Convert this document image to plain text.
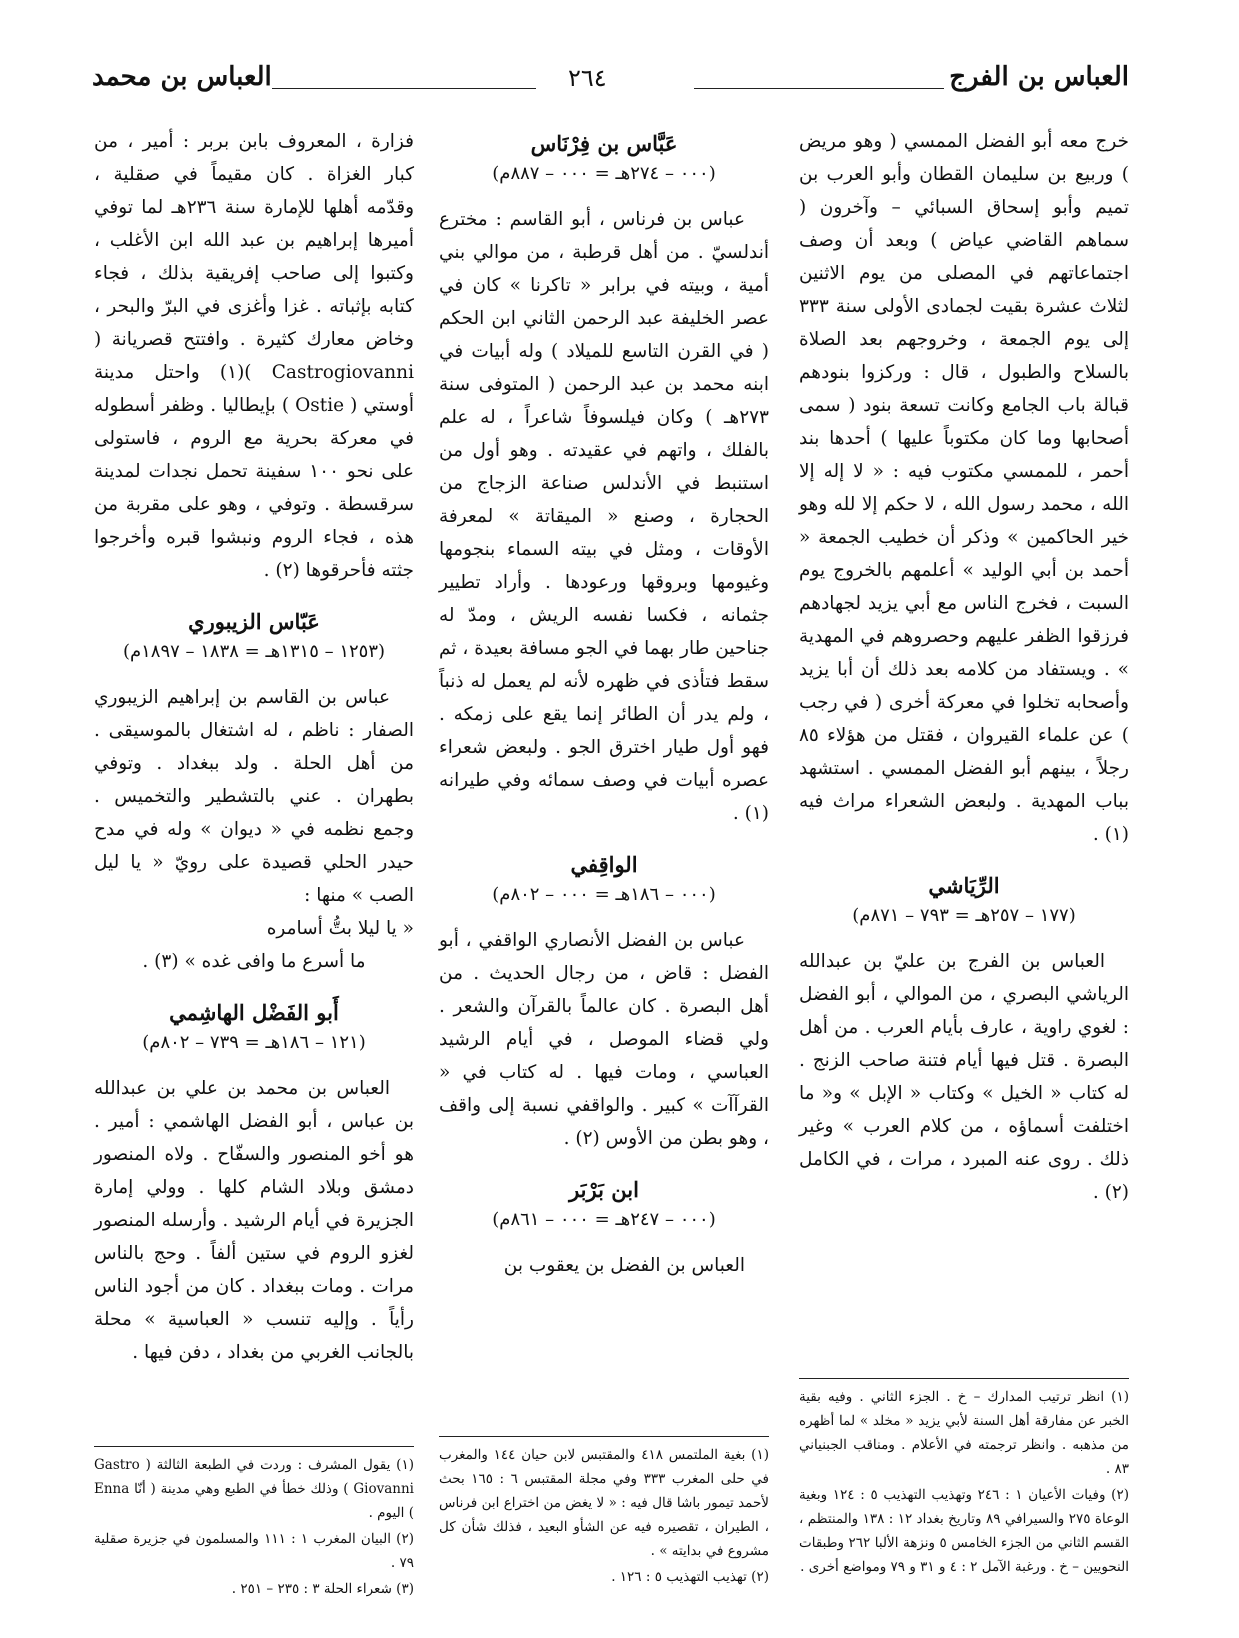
العباس بن الفرج
٢٦٤
العباس بن محمد

خرج معه أبو الفضل الممسي ( وهو مريض ) وربيع بن سليمان القطان وأبو العرب بن تميم وأبو إسحاق السبائي – وآخرون ( سماهم القاضي عياض ) وبعد أن وصف اجتماعاتهم في المصلى من يوم الاثنين لثلاث عشرة بقيت لجمادى الأولى سنة ٣٣٣ إلى يوم الجمعة ، وخروجهم بعد الصلاة بالسلاح والطبول ، قال : وركزوا بنودهم قبالة باب الجامع وكانت تسعة بنود ( سمى أصحابها وما كان مكتوباً عليها ) أحدها بند أحمر ، للممسي مكتوب فيه : « لا إله إلا الله ، محمد رسول الله ، لا حكم إلا لله وهو خير الحاكمين » وذكر أن خطيب الجمعة « أحمد بن أبي الوليد » أعلمهم بالخروج يوم السبت ، فخرج الناس مع أبي يزيد لجهادهم فرزقوا الظفر عليهم وحصروهم في المهدية » . ويستفاد من كلامه بعد ذلك أن أبا يزيد وأصحابه تخلوا في معركة أخرى ( في رجب ) عن علماء القيروان ، فقتل من هؤلاء ٨٥ رجلاً ، بينهم أبو الفضل الممسي . استشهد بباب المهدية . ولبعض الشعراء مراث فيه (١) .

الرِّيَاشي
(١٧٧ – ٢٥٧هـ = ٧٩٣ – ٨٧١م)

العباس بن الفرج بن عليّ بن عبدالله الرياشي البصري ، من الموالي ، أبو الفضل : لغوي راوية ، عارف بأيام العرب . من أهل البصرة . قتل فيها أيام فتنة صاحب الزنج . له كتاب « الخيل » وكتاب « الإبل » و« ما اختلفت أسماؤه ، من كلام العرب » وغير ذلك . روى عنه المبرد ، مرات ، في الكامل (٢) .

(١) انظر ترتيب المدارك – خ . الجزء الثاني . وفيه بقية الخبر عن مفارقة أهل السنة لأبي يزيد « مخلد » لما أظهره من مذهبه . وانظر ترجمته في الأعلام . ومناقب الجبنياني ٨٣ .

(٢) وفيات الأعيان ١ : ٢٤٦ وتهذيب التهذيب ٥ : ١٢٤ وبغية الوعاة ٢٧٥ والسيرافي ٨٩ وتاريخ بغداد ١٢ : ١٣٨ والمنتظم ، القسم الثاني من الجزء الخامس ٥ ونزهة الألبا ٢٦٢ وطبقات النحويين – خ . ورغبة الآمل ٢ : ٤ و ٣١ و ٧٩ ومواضع أخرى .

عَبَّاس بن فِرْنَاس
(٠٠٠ – ٢٧٤هـ = ٠٠٠ – ٨٨٧م)

عباس بن فرناس ، أبو القاسم : مخترع أندلسيّ . من أهل قرطبة ، من موالي بني أمية ، وبيته في برابر « تاكرنا » كان في عصر الخليفة عبد الرحمن الثاني ابن الحكم ( في القرن التاسع للميلاد ) وله أبيات في ابنه محمد بن عبد الرحمن ( المتوفى سنة ٢٧٣هـ ) وكان فيلسوفاً شاعراً ، له علم بالفلك ، واتهم في عقيدته . وهو أول من استنبط في الأندلس صناعة الزجاج من الحجارة ، وصنع « الميقاتة » لمعرفة الأوقات ، ومثل في بيته السماء بنجومها وغيومها وبروقها ورعودها . وأراد تطيير جثمانه ، فكسا نفسه الريش ، ومدّ له جناحين طار بهما في الجو مسافة بعيدة ، ثم سقط فتأذى في ظهره لأنه لم يعمل له ذنباً ، ولم يدر أن الطائر إنما يقع على زمكه . فهو أول طيار اخترق الجو . ولبعض شعراء عصره أبيات في وصف سمائه وفي طيرانه (١) .

الواقِفي
(٠٠٠ – ١٨٦هـ = ٠٠٠ – ٨٠٢م)

عباس بن الفضل الأنصاري الواقفي ، أبو الفضل : قاض ، من رجال الحديث . من أهل البصرة . كان عالماً بالقرآن والشعر . ولي قضاء الموصل ، في أيام الرشيد العباسي ، ومات فيها . له كتاب في « القرآآت » كبير . والواقفي نسبة إلى واقف ، وهو بطن من الأوس (٢) .

ابن بَرْبَر
(٠٠٠ – ٢٤٧هـ = ٠٠٠ – ٨٦١م)

العباس بن الفضل بن يعقوب بن

(١) بغية الملتمس ٤١٨ والمقتبس لابن حيان ١٤٤ والمغرب في حلى المغرب ٣٣٣ وفي مجلة المقتبس ٦ : ١٦٥ بحث لأحمد تيمور باشا قال فيه : « لا يغض من اختراع ابن فرناس ، الطيران ، تقصيره فيه عن الشأو البعيد ، فذلك شأن كل مشروع في بدايته » .

(٢) تهذيب التهذيب ٥ : ١٢٦ .

فزارة ، المعروف بابن بربر : أمير ، من كبار الغزاة . كان مقيماً في صقلية ، وقدّمه أهلها للإمارة سنة ٢٣٦هـ لما توفي أميرها إبراهيم بن عبد الله ابن الأغلب ، وكتبوا إلى صاحب إفريقية بذلك ، فجاء كتابه بإثباته . غزا وأغزى في البرّ والبحر ، وخاض معارك كثيرة . وافتتح قصريانة ( Castrogiovanni )(١) واحتل مدينة أوستي ( Ostie ) بإيطاليا . وظفر أسطوله في معركة بحرية مع الروم ، فاستولى على نحو ١٠٠ سفينة تحمل نجدات لمدينة سرقسطة . وتوفي ، وهو على مقربة من هذه ، فجاء الروم ونبشوا قبره وأخرجوا جثته فأحرقوها (٢) .

عَبّاس الزيبوري
(١٢٥٣ – ١٣١٥هـ = ١٨٣٨ – ١٨٩٧م)

عباس بن القاسم بن إبراهيم الزيبوري الصفار : ناظم ، له اشتغال بالموسيقى . من أهل الحلة . ولد ببغداد . وتوفي بطهران . عني بالتشطير والتخميس . وجمع نظمه في « ديوان » وله في مدح حيدر الحلي قصيدة على رويّ « يا ليل الصب » منها :

« يا ليلا بتُّ أسامره

ما أسرع ما وافى غده » (٣) .

أَبو الفَضْل الهاشِمي
(١٢١ – ١٨٦هـ = ٧٣٩ – ٨٠٢م)

العباس بن محمد بن علي بن عبدالله بن عباس ، أبو الفضل الهاشمي : أمير . هو أخو المنصور والسفّاح . ولاه المنصور دمشق وبلاد الشام كلها . وولي إمارة الجزيرة في أيام الرشيد . وأرسله المنصور لغزو الروم في ستين ألفاً . وحج بالناس مرات . ومات ببغداد . كان من أجود الناس رأياً . وإليه تنسب « العباسية » محلة بالجانب الغربي من بغداد ، دفن فيها .

(١) يقول المشرف : وردت في الطبعة الثالثة ( Gastro Giovanni ) وذلك خطأ في الطبع وهي مدينة ( أنّا Enna ) اليوم .

(٢) البيان المغرب ١ : ١١١ والمسلمون في جزيرة صقلية ٧٩ .

(٣) شعراء الحلة ٣ : ٢٣٥ – ٢٥١ .
